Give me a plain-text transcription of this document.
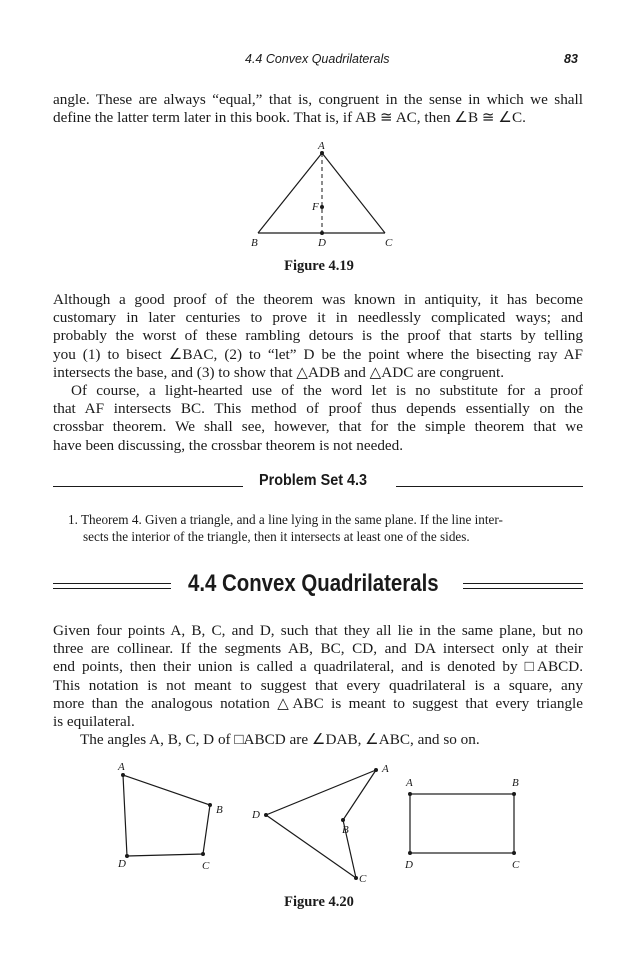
4.4 Convex Quadrilaterals	83
angle. These are always “equal,” that is, congruent in the sense in which we shall
define the latter term later in this book. That is, if AB ≅ AC, then ∠B ≅ ∠C.
A
F
B	D	C
Figure 4.19
Although a good proof of the theorem was known in antiquity, it has become
customary in later centuries to prove it in needlessly complicated ways; and
probably the worst of these rambling detours is the proof that starts by telling
you (1) to bisect ∠BAC, (2) to “let” D be the point where the bisecting ray AF
intersects the base, and (3) to show that △ADB and △ADC are congruent.
Of course, a light-hearted use of the word let is no substitute for a proof
that AF intersects BC. This method of proof thus depends essentially on the
crossbar theorem. We shall see, however, that for the simple theorem that we
have been discussing, the crossbar theorem is not needed.
Problem Set 4.3
1. Theorem 4. Given a triangle, and a line lying in the same plane. If the line inter-
sects the interior of the triangle, then it intersects at least one of the sides.
4.4 Convex Quadrilaterals
Given four points A, B, C, and D, such that they all lie in the same plane, but no
three are collinear. If the segments AB, BC, CD, and DA intersect only at their
end points, then their union is called a quadrilateral, and is denoted by □ABCD.
This notation is not meant to suggest that every quadrilateral is a square, any
more than the analogous notation △ABC is meant to suggest that every triangle
is equilateral.
The angles A, B, C, D of □ABCD are ∠DAB, ∠ABC, and so on.
A
B
C
D
A
B
C
D
A	B
C
D
Figure 4.20
